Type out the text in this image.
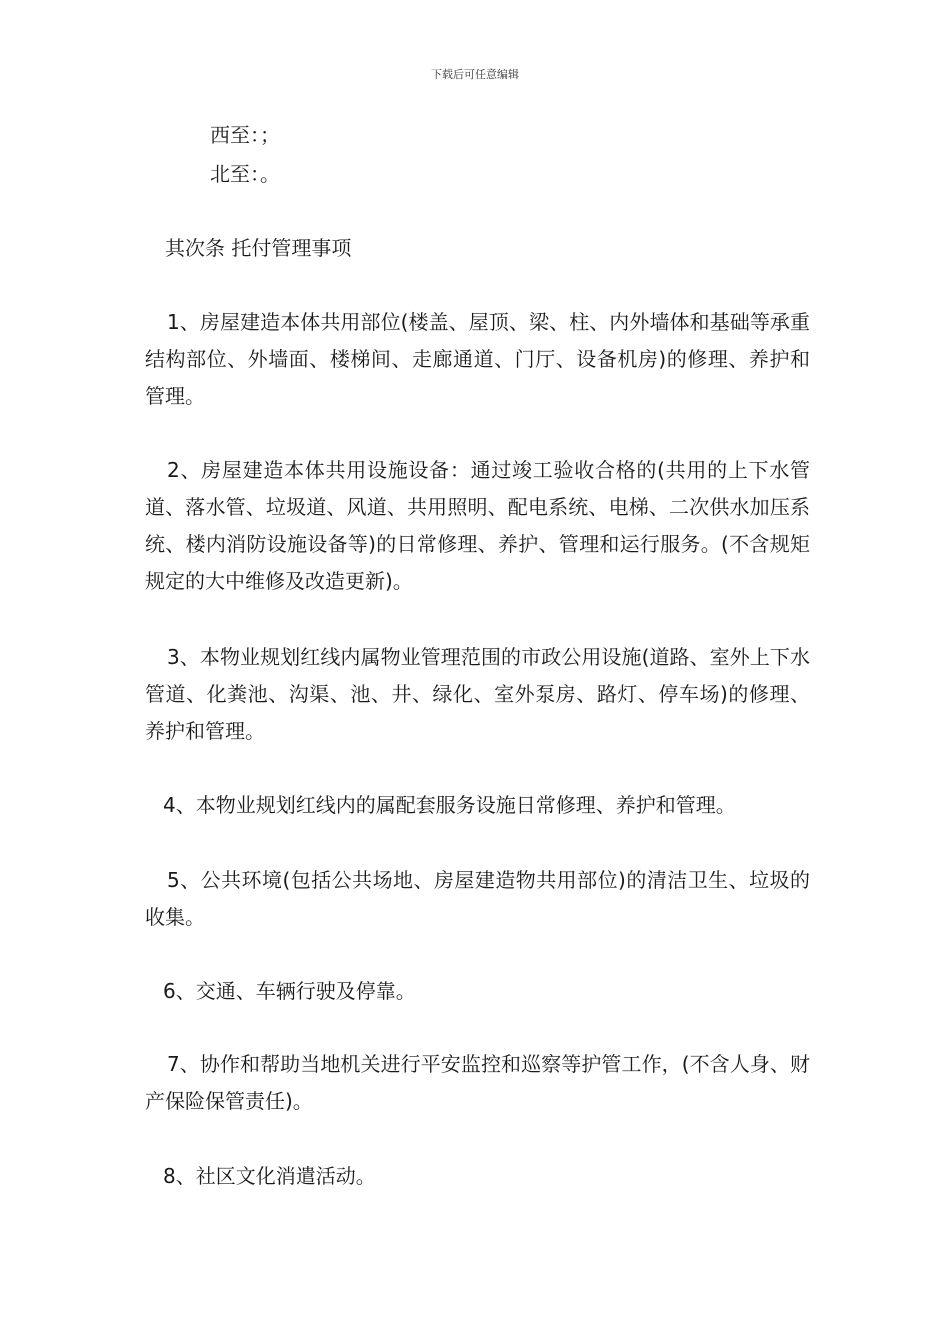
下载后可任意编辑
西至：；
北至：。
其次条 托付管理事项
1、房屋建造本体共用部位(楼盖、屋顶、梁、柱、内外墙体和基础等承重结构部位、外墙面、楼梯间、走廊通道、门厅、设备机房)的修理、养护和管理。
2、房屋建造本体共用设施设备：通过竣工验收合格的(共用的上下水管道、落水管、垃圾道、风道、共用照明、配电系统、电梯、二次供水加压系统、楼内消防设施设备等)的日常修理、养护、管理和运行服务。(不含规矩规定的大中维修及改造更新)。
3、本物业规划红线内属物业管理范围的市政公用设施(道路、室外上下水管道、化粪池、沟渠、池、井、绿化、室外泵房、路灯、停车场)的修理、养护和管理。
4、本物业规划红线内的属配套服务设施日常修理、养护和管理。
5、公共环境(包括公共场地、房屋建造物共用部位)的清洁卫生、垃圾的收集。
6、交通、车辆行驶及停靠。
7、协作和帮助当地机关进行平安监控和巡察等护管工作，(不含人身、财产保险保管责任)。
8、社区文化消遣活动。
